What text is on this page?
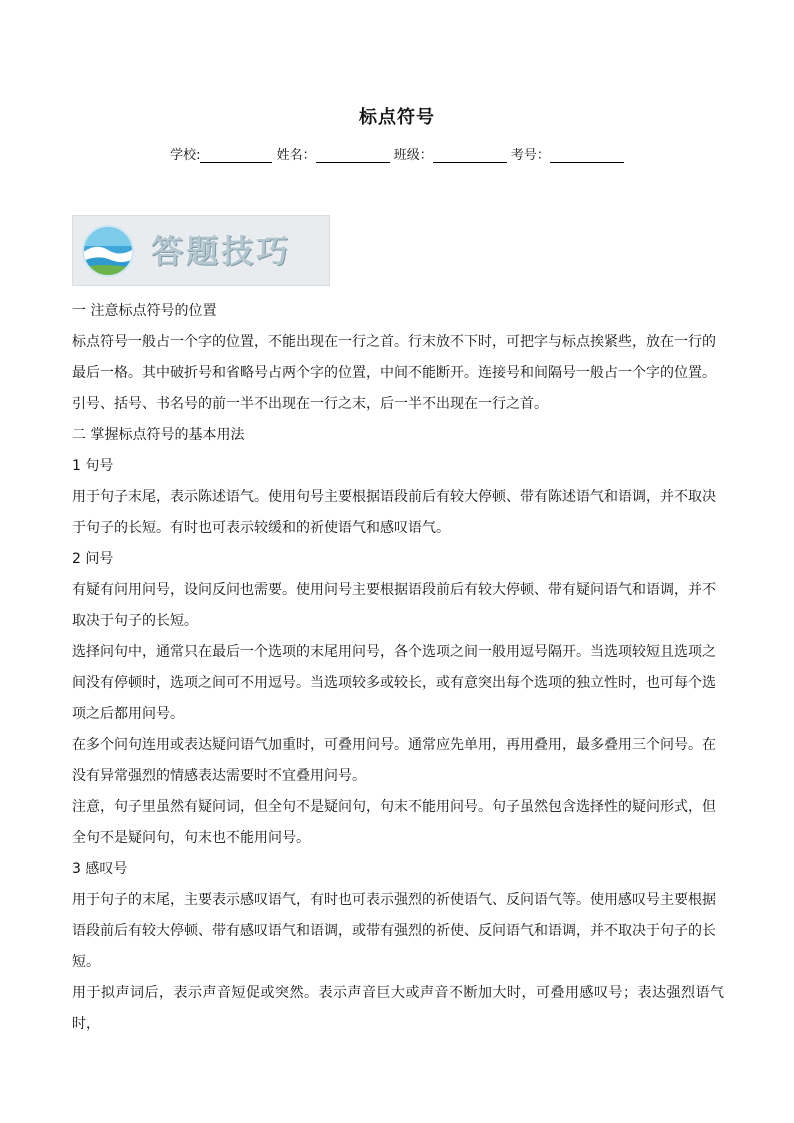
标点符号
学校:	姓名：	班级：	考号：
答题技巧

一 注意标点符号的位置

标点符号一般占一个字的位置，不能出现在一行之首。行末放不下时，可把字与标点挨紧些，放在一行的

最后一格。其中破折号和省略号占两个字的位置，中间不能断开。连接号和间隔号一般占一个字的位置。

引号、括号、书名号的前一半不出现在一行之末，后一半不出现在一行之首。

二 掌握标点符号的基本用法

1 句号

用于句子末尾，表示陈述语气。使用句号主要根据语段前后有较大停顿、带有陈述语气和语调，并不取决

于句子的长短。有时也可表示较缓和的祈使语气和感叹语气。

2 问号

有疑有问用问号，设问反问也需要。使用问号主要根据语段前后有较大停顿、带有疑问语气和语调，并不

取决于句子的长短。

选择问句中，通常只在最后一个选项的末尾用问号，各个选项之间一般用逗号隔开。当选项较短且选项之

间没有停顿时，选项之间可不用逗号。当选项较多或较长，或有意突出每个选项的独立性时，也可每个选

项之后都用问号。

在多个问句连用或表达疑问语气加重时，可叠用问号。通常应先单用，再用叠用，最多叠用三个问号。在

没有异常强烈的情感表达需要时不宜叠用问号。

注意，句子里虽然有疑问词，但全句不是疑问句，句末不能用问号。句子虽然包含选择性的疑问形式，但

全句不是疑问句，句末也不能用问号。

3 感叹号

用于句子的末尾，主要表示感叹语气，有时也可表示强烈的祈使语气、反问语气等。使用感叹号主要根据

语段前后有较大停顿、带有感叹语气和语调，或带有强烈的祈使、反问语气和语调，并不取决于句子的长

短。

用于拟声词后，表示声音短促或突然。表示声音巨大或声音不断加大时，可叠用感叹号；表达强烈语气时，
